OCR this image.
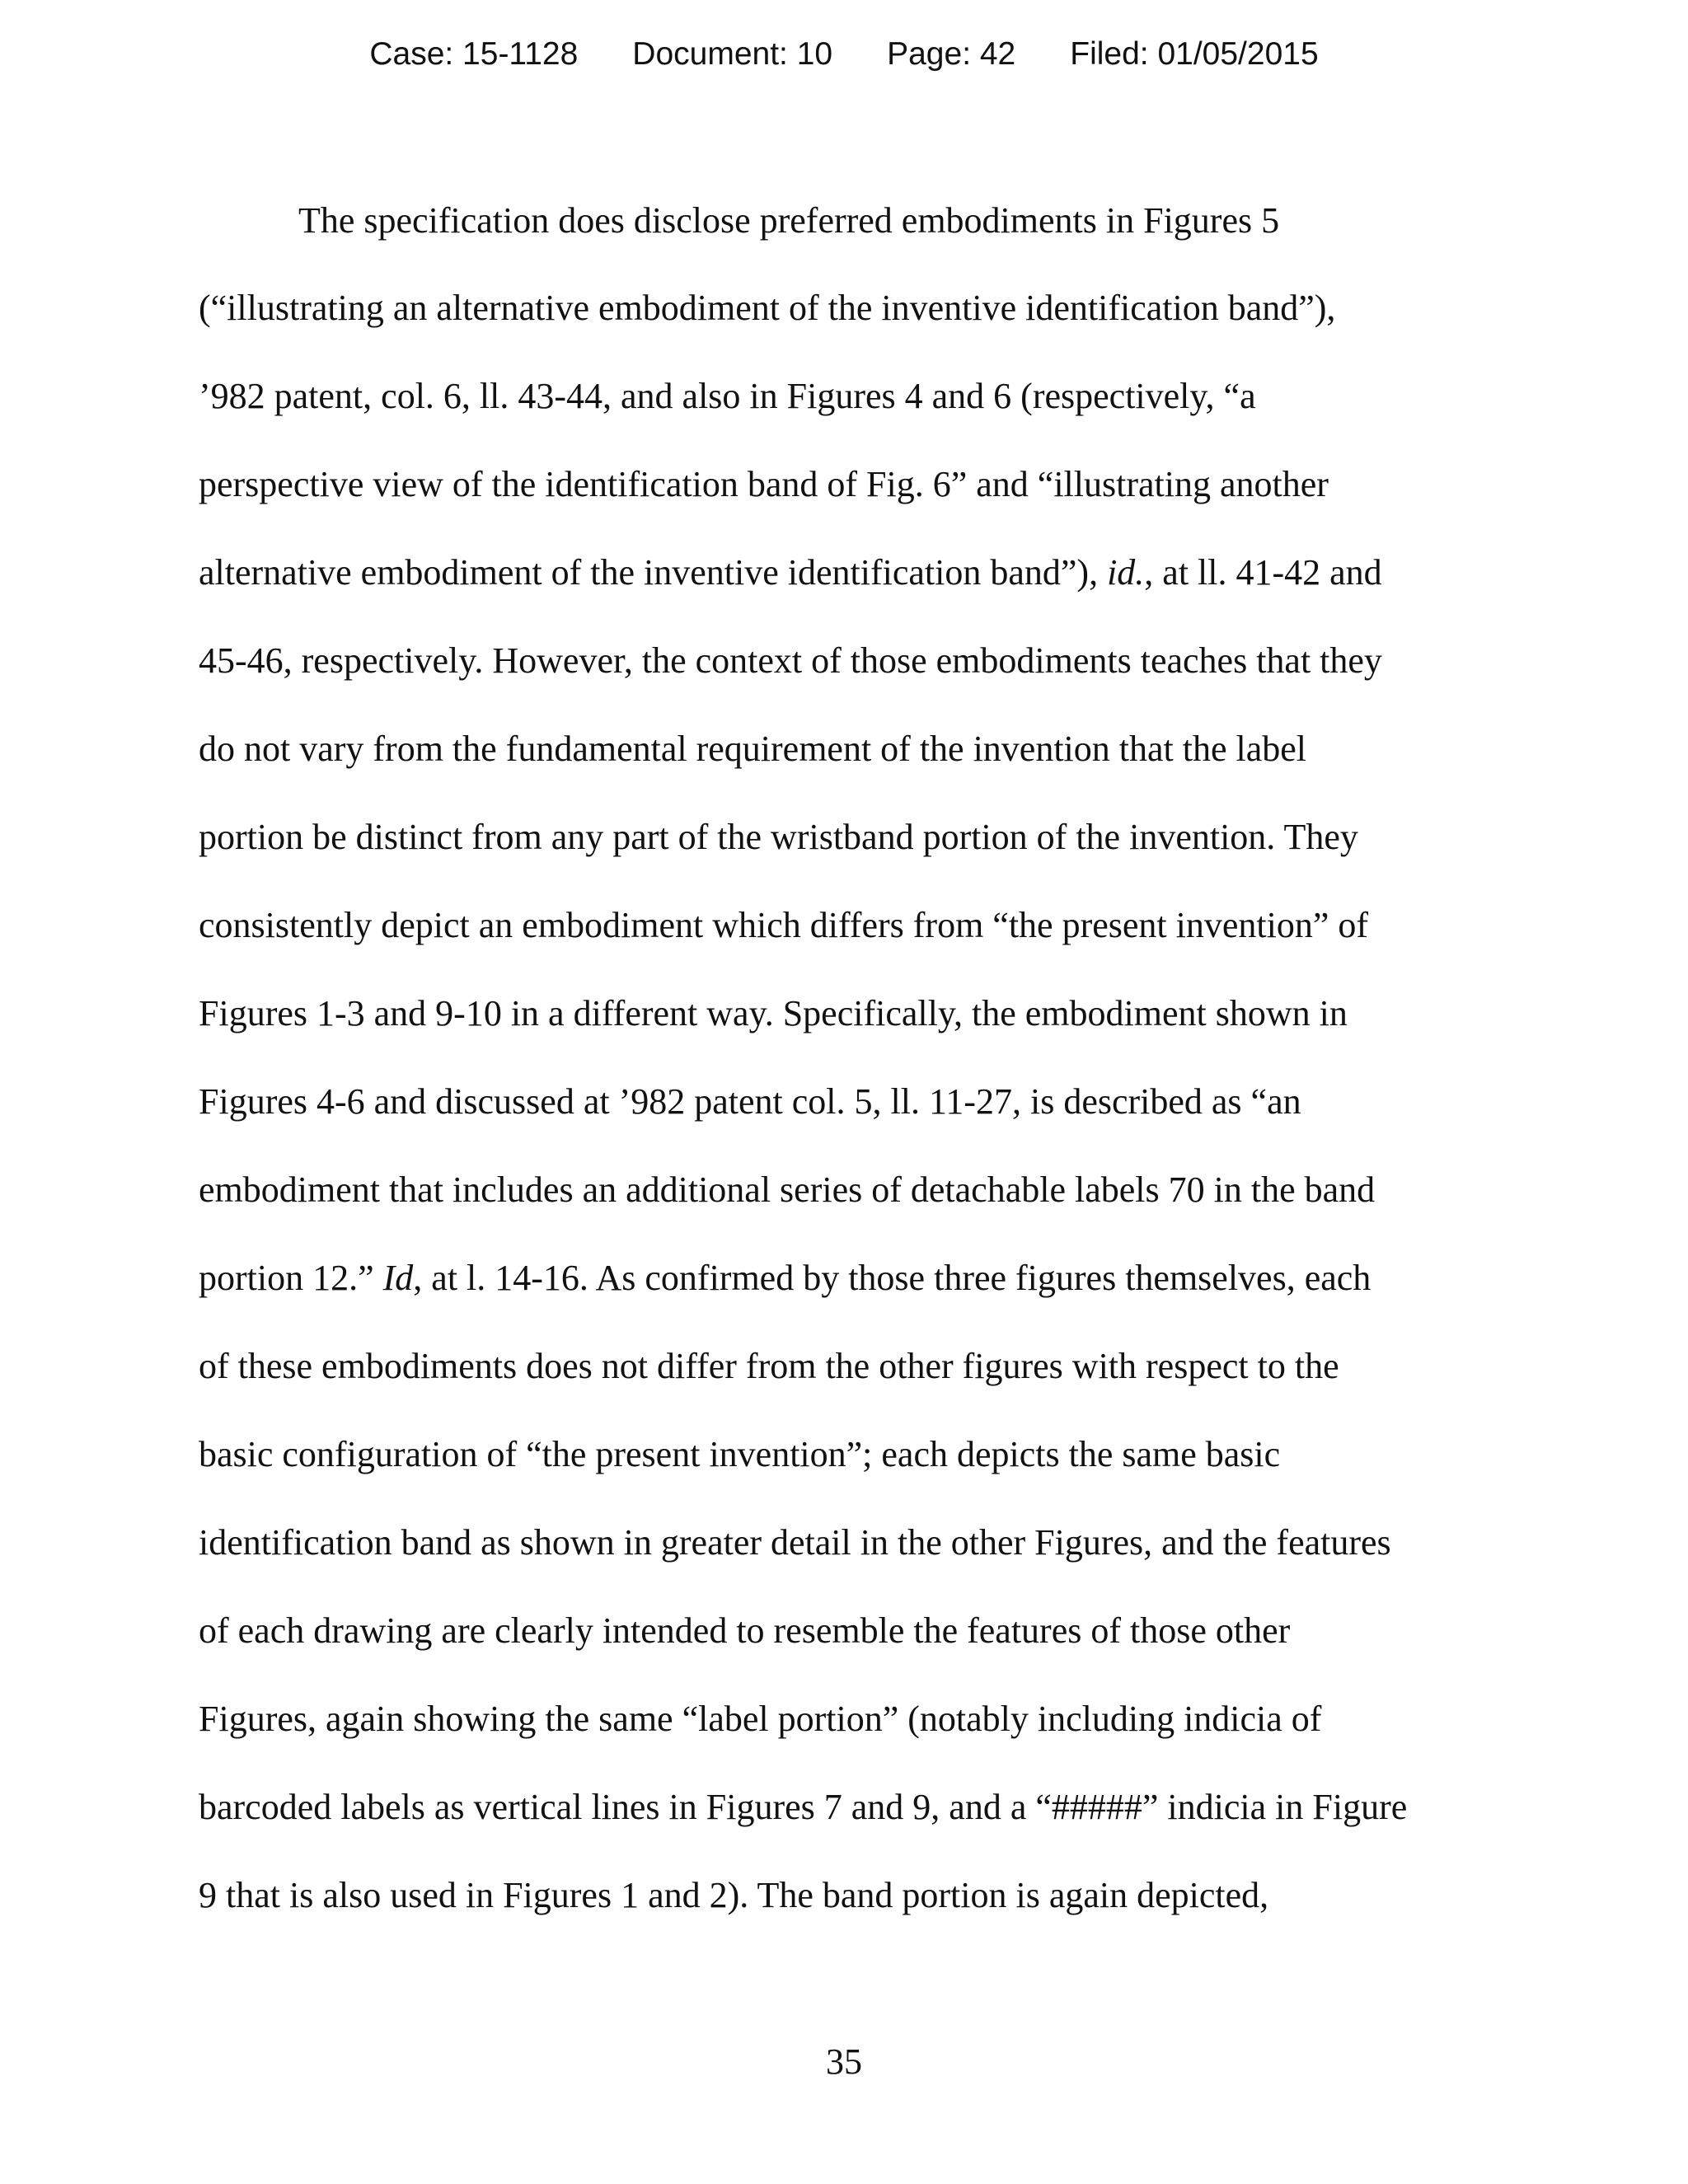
Case: 15-1128 Document: 10 Page: 42 Filed: 01/05/2015
The specification does disclose preferred embodiments in Figures 5
(“illustrating an alternative embodiment of the inventive identification band”),
’982 patent, col. 6, ll. 43-44, and also in Figures 4 and 6 (respectively, “a
perspective view of the identification band of Fig. 6” and “illustrating another
alternative embodiment of the inventive identification band”), id., at ll. 41-42 and
45-46, respectively. However, the context of those embodiments teaches that they
do not vary from the fundamental requirement of the invention that the label
portion be distinct from any part of the wristband portion of the invention. They
consistently depict an embodiment which differs from “the present invention” of
Figures 1-3 and 9-10 in a different way. Specifically, the embodiment shown in
Figures 4-6 and discussed at ’982 patent col. 5, ll. 11-27, is described as “an
embodiment that includes an additional series of detachable labels 70 in the band
portion 12.” Id, at l. 14-16. As confirmed by those three figures themselves, each
of these embodiments does not differ from the other figures with respect to the
basic configuration of “the present invention”; each depicts the same basic
identification band as shown in greater detail in the other Figures, and the features
of each drawing are clearly intended to resemble the features of those other
Figures, again showing the same “label portion” (notably including indicia of
barcoded labels as vertical lines in Figures 7 and 9, and a “#####” indicia in Figure
9 that is also used in Figures 1 and 2). The band portion is again depicted,
35
